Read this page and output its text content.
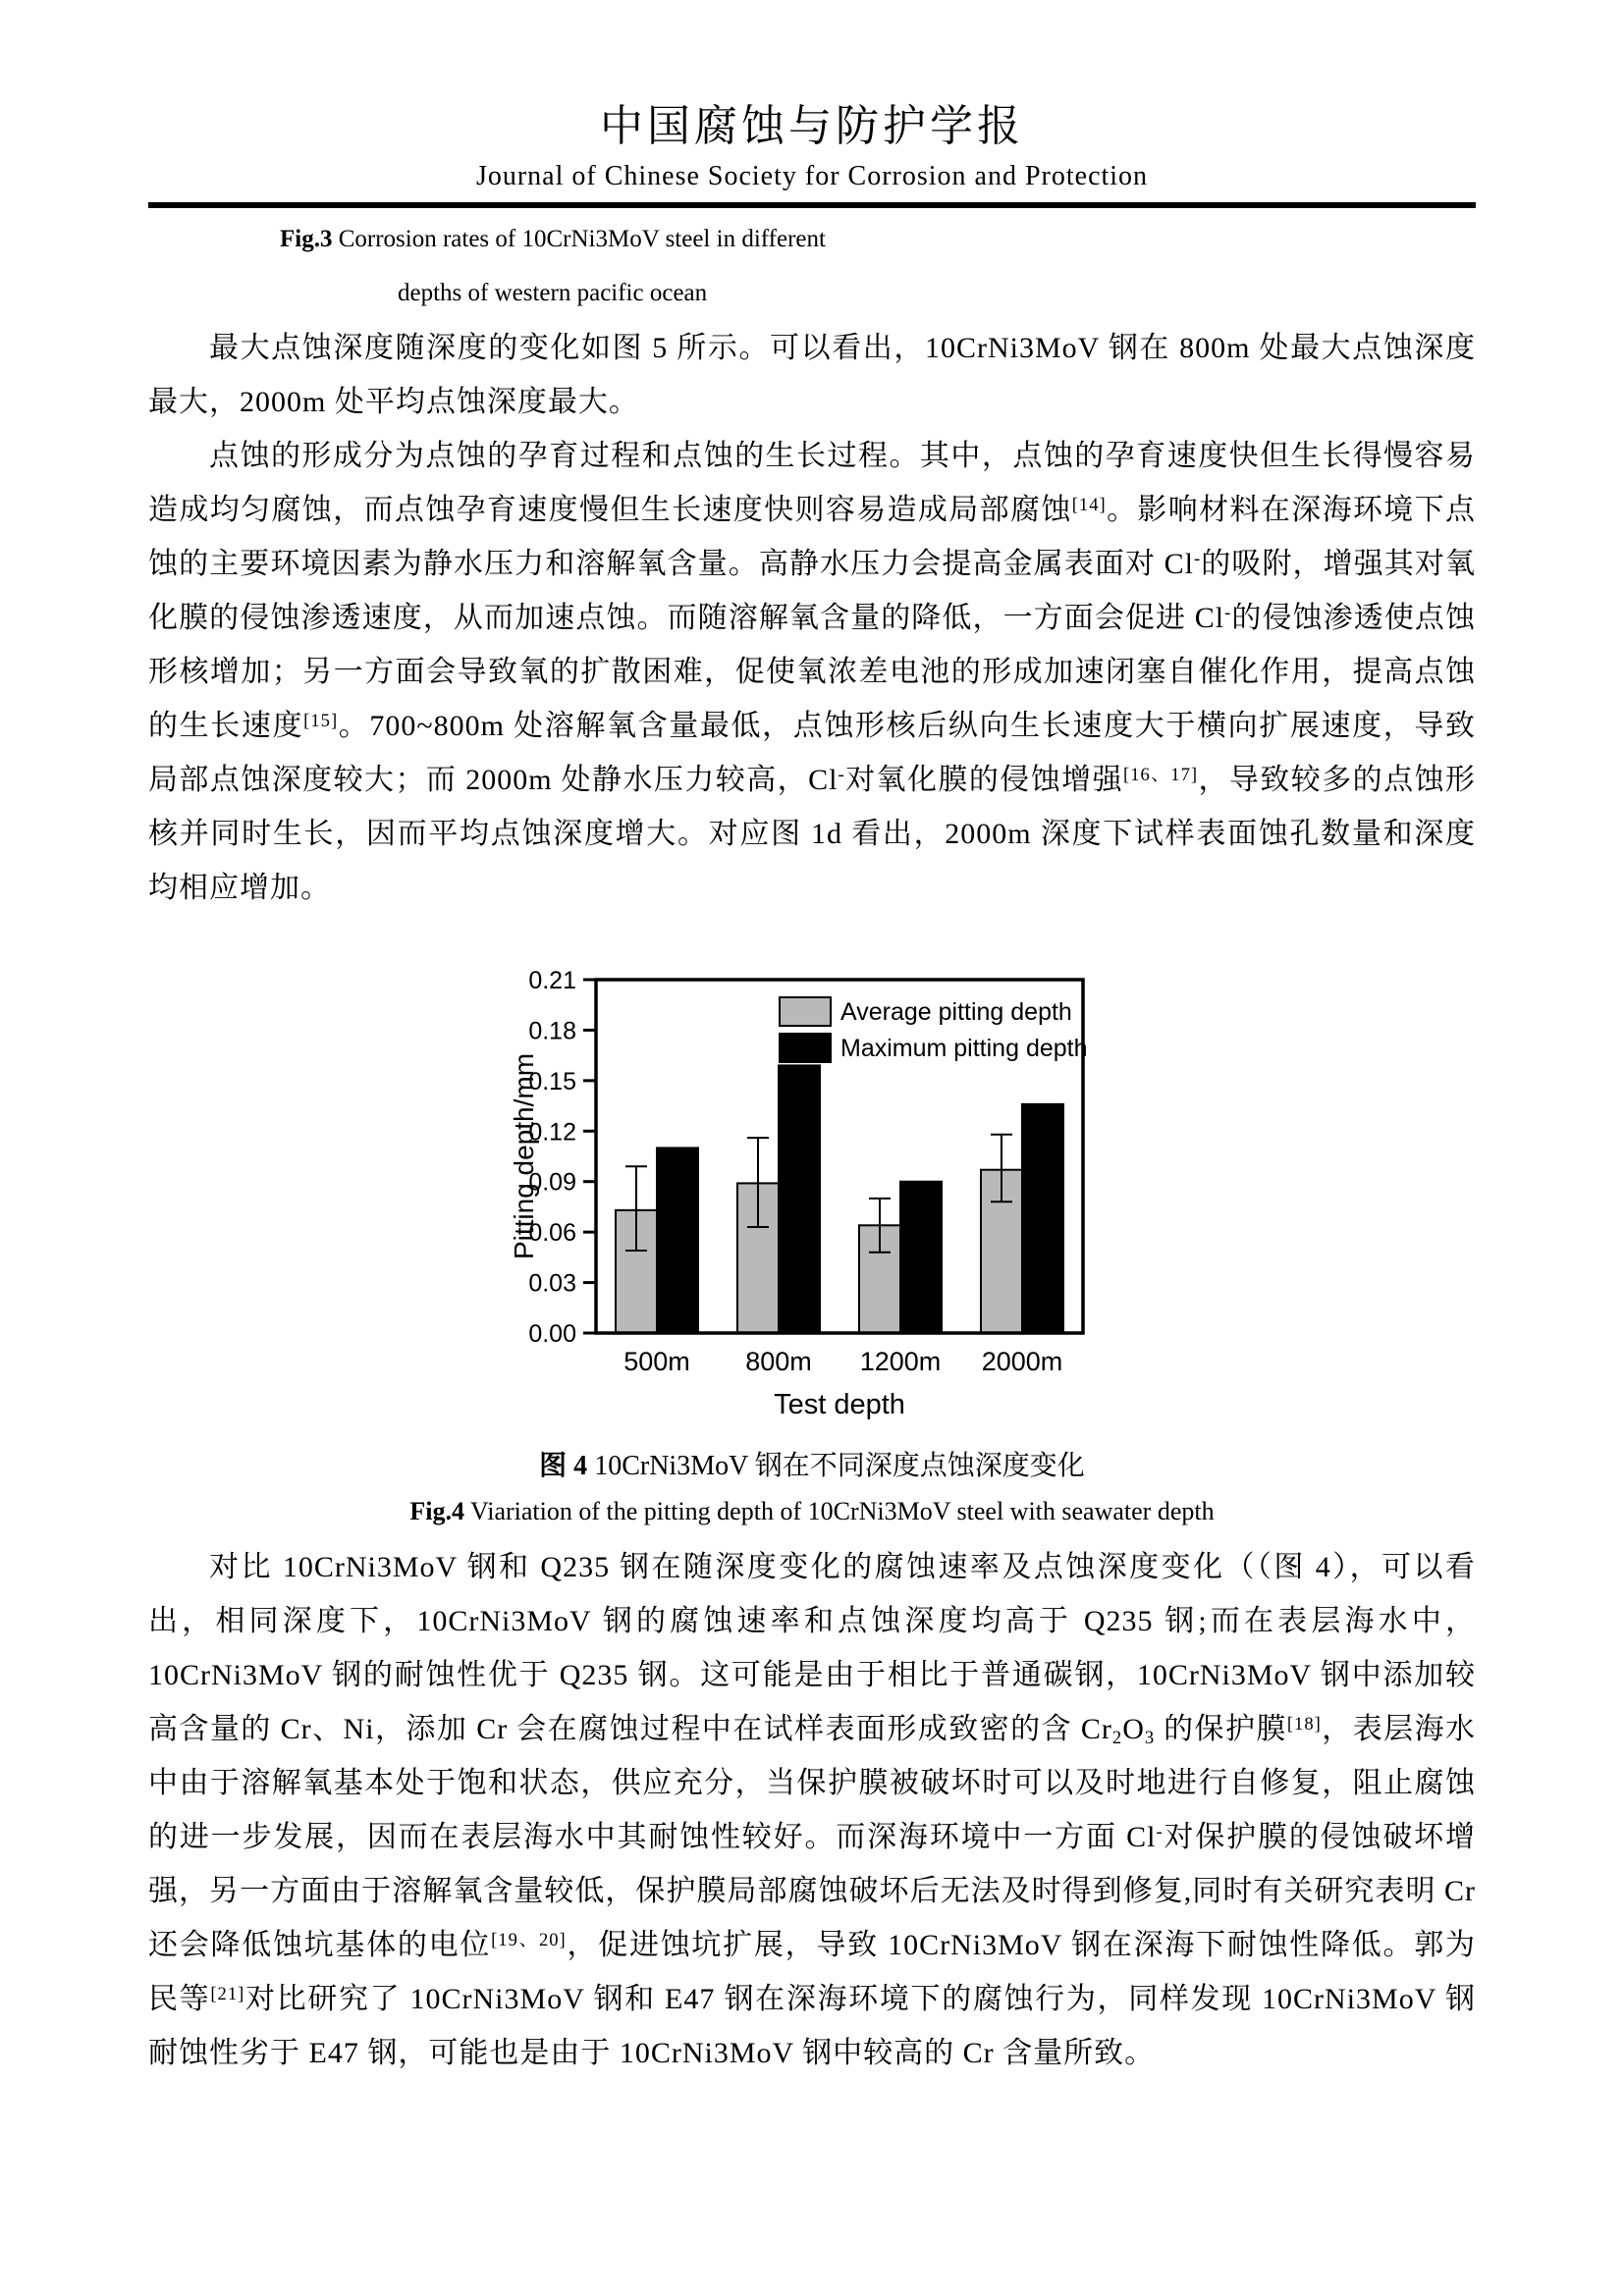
中国腐蚀与防护学报
Journal of Chinese Society for Corrosion and Protection
Fig.3 Corrosion rates of 10CrNi3MoV steel in different
depths of western pacific ocean

最大点蚀深度随深度的变化如图 5 所示。可以看出，10CrNi3MoV 钢在 800m 处最大点蚀深度最大，2000m 处平均点蚀深度最大。

点蚀的形成分为点蚀的孕育过程和点蚀的生长过程。其中，点蚀的孕育速度快但生长得慢容易造成均匀腐蚀，而点蚀孕育速度慢但生长速度快则容易造成局部腐蚀[14]。影响材料在深海环境下点蚀的主要环境因素为静水压力和溶解氧含量。高静水压力会提高金属表面对 Cl-的吸附，增强其对氧化膜的侵蚀渗透速度，从而加速点蚀。而随溶解氧含量的降低，一方面会促进 Cl-的侵蚀渗透使点蚀形核增加；另一方面会导致氧的扩散困难，促使氧浓差电池的形成加速闭塞自催化作用，提高点蚀的生长速度[15]。700~800m 处溶解氧含量最低，点蚀形核后纵向生长速度大于横向扩展速度，导致局部点蚀深度较大；而 2000m 处静水压力较高，Cl-对氧化膜的侵蚀增强[16、17]，导致较多的点蚀形核并同时生长，因而平均点蚀深度增大。对应图 1d 看出，2000m 深度下试样表面蚀孔数量和深度均相应增加。

500m 800m 1200m 2000m
0.00
0.03
0.06
0.09
0.12
0.15
0.18
0.21
Pitting depth/mm
Test depth
Average pitting depth
Maximum pitting depth
图 4 10CrNi3MoV 钢在不同深度点蚀深度变化
Fig.4 Viariation of the pitting depth of 10CrNi3MoV steel with seawater depth

对比 10CrNi3MoV 钢和 Q235 钢在随深度变化的腐蚀速率及点蚀深度变化（（图 4），可以看出，相同深度下，10CrNi3MoV 钢的腐蚀速率和点蚀深度均高于 Q235 钢;而在表层海水中，10CrNi3MoV 钢的耐蚀性优于 Q235 钢。这可能是由于相比于普通碳钢，10CrNi3MoV 钢中添加较高含量的 Cr、Ni，添加 Cr 会在腐蚀过程中在试样表面形成致密的含 $Cr_2O_3$ 的保护膜[18]，表层海水中由于溶解氧基本处于饱和状态，供应充分，当保护膜被破坏时可以及时地进行自修复，阻止腐蚀的进一步发展，因而在表层海水中其耐蚀性较好。而深海环境中一方面 Cl-对保护膜的侵蚀破坏增强，另一方面由于溶解氧含量较低，保护膜局部腐蚀破坏后无法及时得到修复,同时有关研究表明 Cr 还会降低蚀坑基体的电位[19、20]，促进蚀坑扩展，导致 10CrNi3MoV 钢在深海下耐蚀性降低。郭为民等[21]对比研究了 10CrNi3MoV 钢和 E47 钢在深海环境下的腐蚀行为，同样发现 10CrNi3MoV 钢耐蚀性劣于 E47 钢，可能也是由于 10CrNi3MoV 钢中较高的 Cr 含量所致。
